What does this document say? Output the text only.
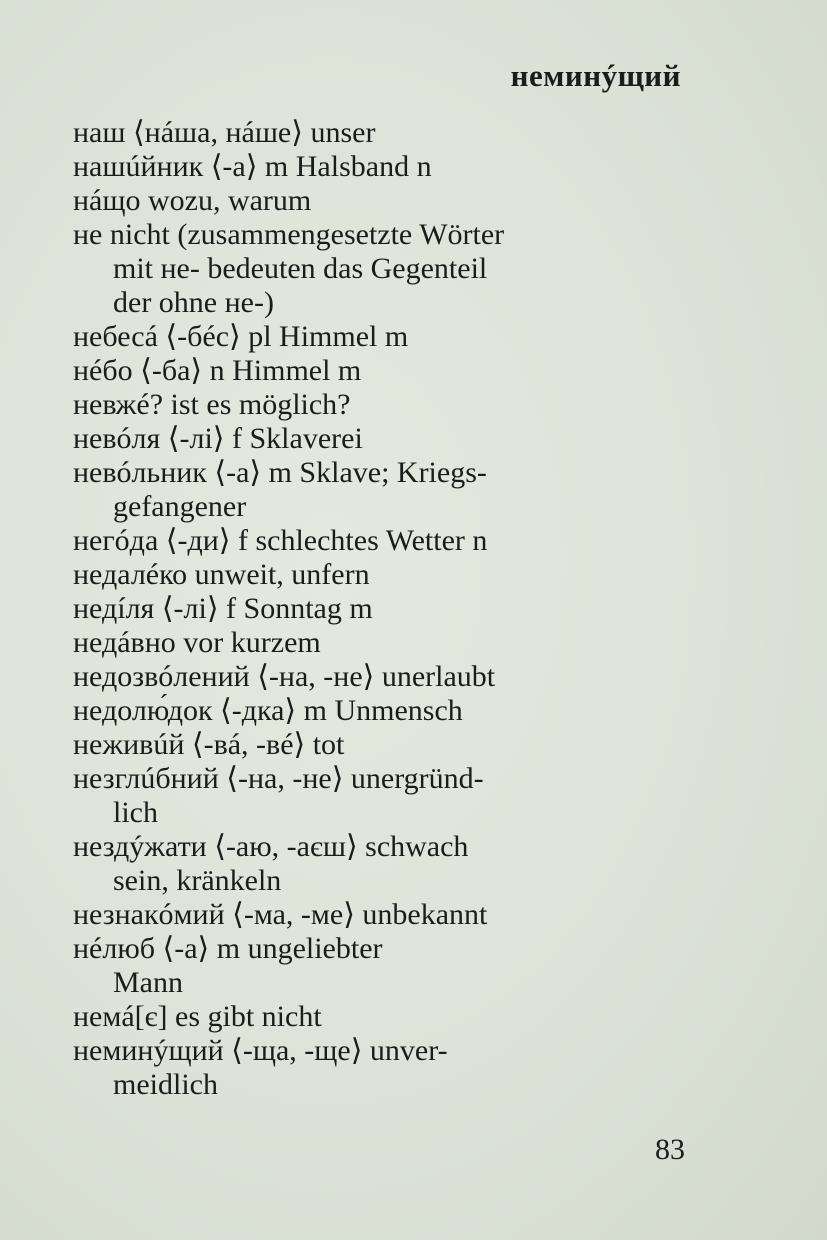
неминýщий
наш ⟨нáша, нáше⟩ unser
нашúйник ⟨-а⟩ m Halsband n
нáщо wozu, warum
не nicht (zusammengesetzte Wörter
mit не- bedeuten das Gegenteil
der ohne не-)
небесá ⟨-бéс⟩ pl Himmel m
нéбо ⟨-ба⟩ n Himmel m
невжé? ist es möglich?
невóля ⟨-лі⟩ f Sklaverei
невóльник ⟨-а⟩ m Sklave; Kriegs-
gefangener
негóда ⟨-ди⟩ f schlechtes Wetter n
недалéко unweit, unfern
недíля ⟨-лі⟩ f Sonntag m
недáвно vor kurzem
недозвóлений ⟨-на, -не⟩ unerlaubt
недолю́док ⟨-дка⟩ m Unmensch
неживúй ⟨-вá, -вé⟩ tot
незглúбний ⟨-на, -не⟩ unergründ-
lich
нездýжати ⟨-аю, -аєш⟩ schwach
sein, kränkeln
незнакóмий ⟨-ма, -ме⟩ unbekannt
нéлюб ⟨-а⟩ m ungeliebter
Mann
немá[є] es gibt nicht
неминýщий ⟨-ща, -ще⟩ unver-
meidlich
83
